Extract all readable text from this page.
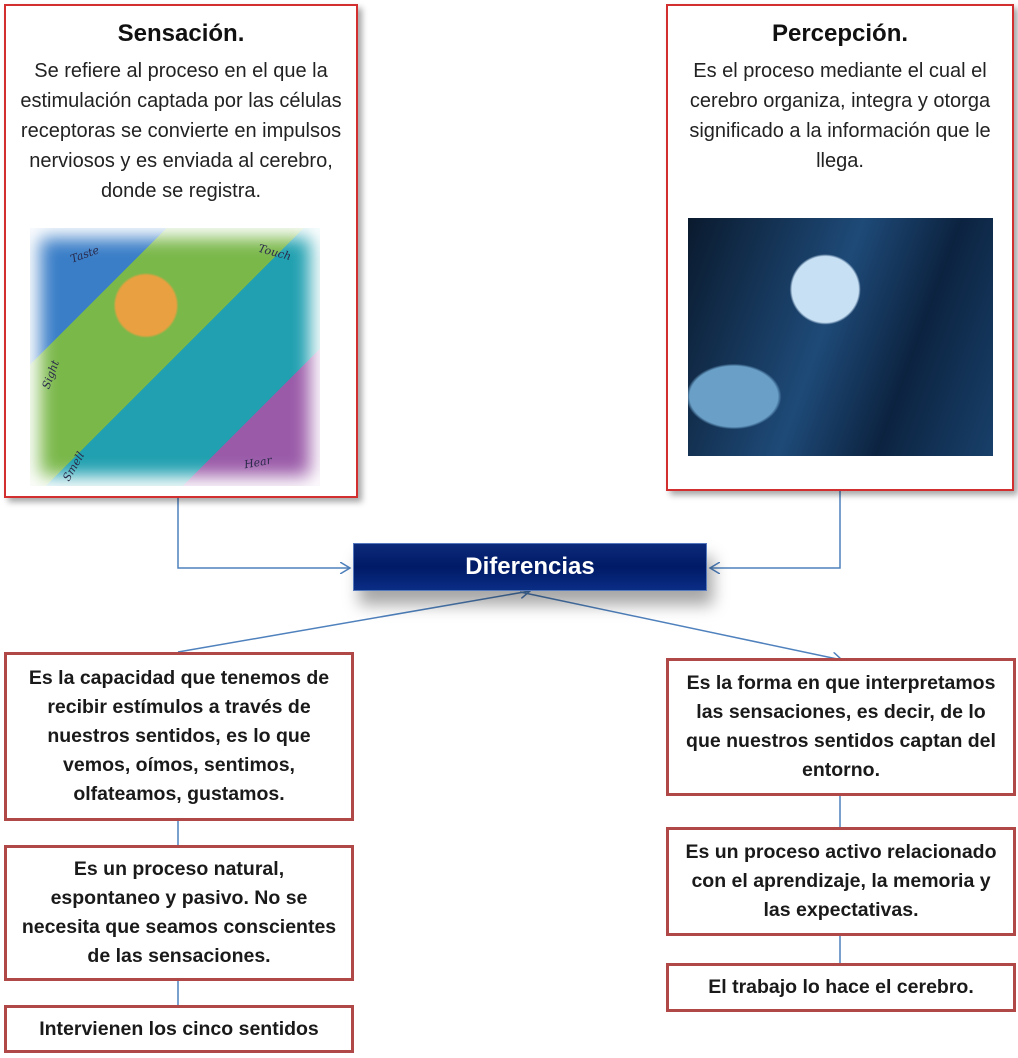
Sensación.
Se refiere al proceso en el que la estimulación captada por las células receptoras se convierte en impulsos nerviosos y es enviada al cerebro, donde se registra.
Taste	Touch
Sight
Smell	Hear
Percepción.
Es el proceso mediante el cual el cerebro organiza, integra y otorga significado a la información que le llega.
Diferencias
Es la capacidad que tenemos de recibir estímulos a través de nuestros sentidos, es lo que vemos, oímos, sentimos, olfateamos, gustamos.
Es un proceso natural, espontaneo y pasivo. No se necesita que seamos conscientes de las sensaciones.
Intervienen los cinco sentidos
Es la forma en que interpretamos las sensaciones, es decir, de lo que nuestros sentidos captan del entorno.
Es un proceso activo relacionado con el aprendizaje, la memoria y las expectativas.
El trabajo lo hace el cerebro.
